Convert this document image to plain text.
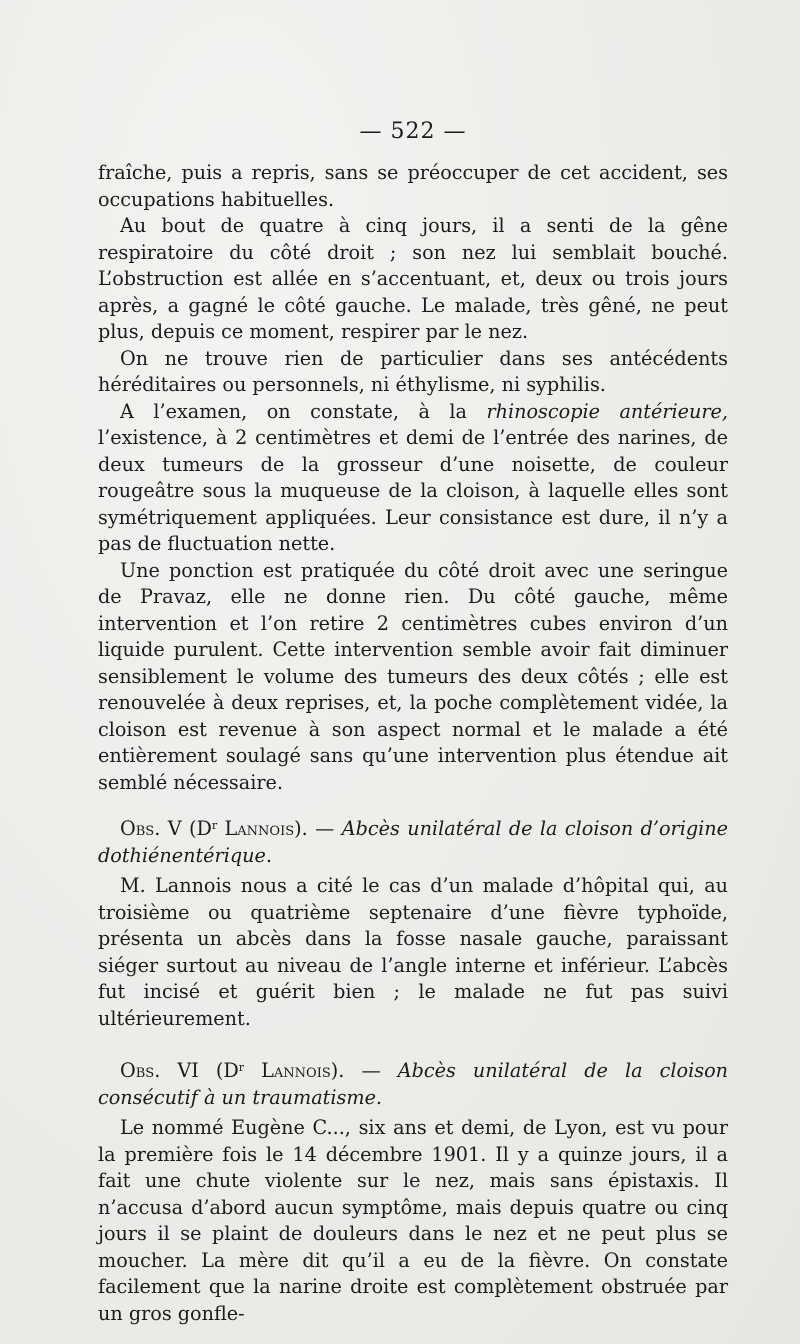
— 522 —

fraîche, puis a repris, sans se préoccuper de cet accident, ses occupations habituelles.

Au bout de quatre à cinq jours, il a senti de la gêne respiratoire du côté droit ; son nez lui semblait bouché. L’obstruction est allée en s’accentuant, et, deux ou trois jours après, a gagné le côté gauche. Le malade, très gêné, ne peut plus, depuis ce moment, respirer par le nez.

On ne trouve rien de particulier dans ses antécédents héréditaires ou personnels, ni éthylisme, ni syphilis.

A l’examen, on constate, à la rhinoscopie antérieure, l’existence, à 2 centimètres et demi de l’entrée des narines, de deux tumeurs de la grosseur d’une noisette, de couleur rougeâtre sous la muqueuse de la cloison, à laquelle elles sont symétriquement appliquées. Leur consistance est dure, il n’y a pas de fluctuation nette.

Une ponction est pratiquée du côté droit avec une seringue de Pravaz, elle ne donne rien. Du côté gauche, même intervention et l’on retire 2 centimètres cubes environ d’un liquide purulent. Cette intervention semble avoir fait diminuer sensiblement le volume des tumeurs des deux côtés ; elle est renouvelée à deux reprises, et, la poche complètement vidée, la cloison est revenue à son aspect normal et le malade a été entièrement soulagé sans qu’une intervention plus étendue ait semblé nécessaire.

Obs. V ($D^r$ Lannois). — Abcès unilatéral de la cloison d’origine dothiénentérique.

M. Lannois nous a cité le cas d’un malade d’hôpital qui, au troisième ou quatrième septenaire d’une fièvre typhoïde, présenta un abcès dans la fosse nasale gauche, paraissant siéger surtout au niveau de l’angle interne et inférieur. L’abcès fut incisé et guérit bien ; le malade ne fut pas suivi ultérieurement.

Obs. VI ($D^r$ Lannois). — Abcès unilatéral de la cloison consécutif à un traumatisme.

Le nommé Eugène C..., six ans et demi, de Lyon, est vu pour la première fois le 14 décembre 1901. Il y a quinze jours, il a fait une chute violente sur le nez, mais sans épistaxis. Il n’accusa d’abord aucun symptôme, mais depuis quatre ou cinq jours il se plaint de douleurs dans le nez et ne peut plus se moucher. La mère dit qu’il a eu de la fièvre. On constate facilement que la narine droite est complètement obstruée par un gros gonfle-
